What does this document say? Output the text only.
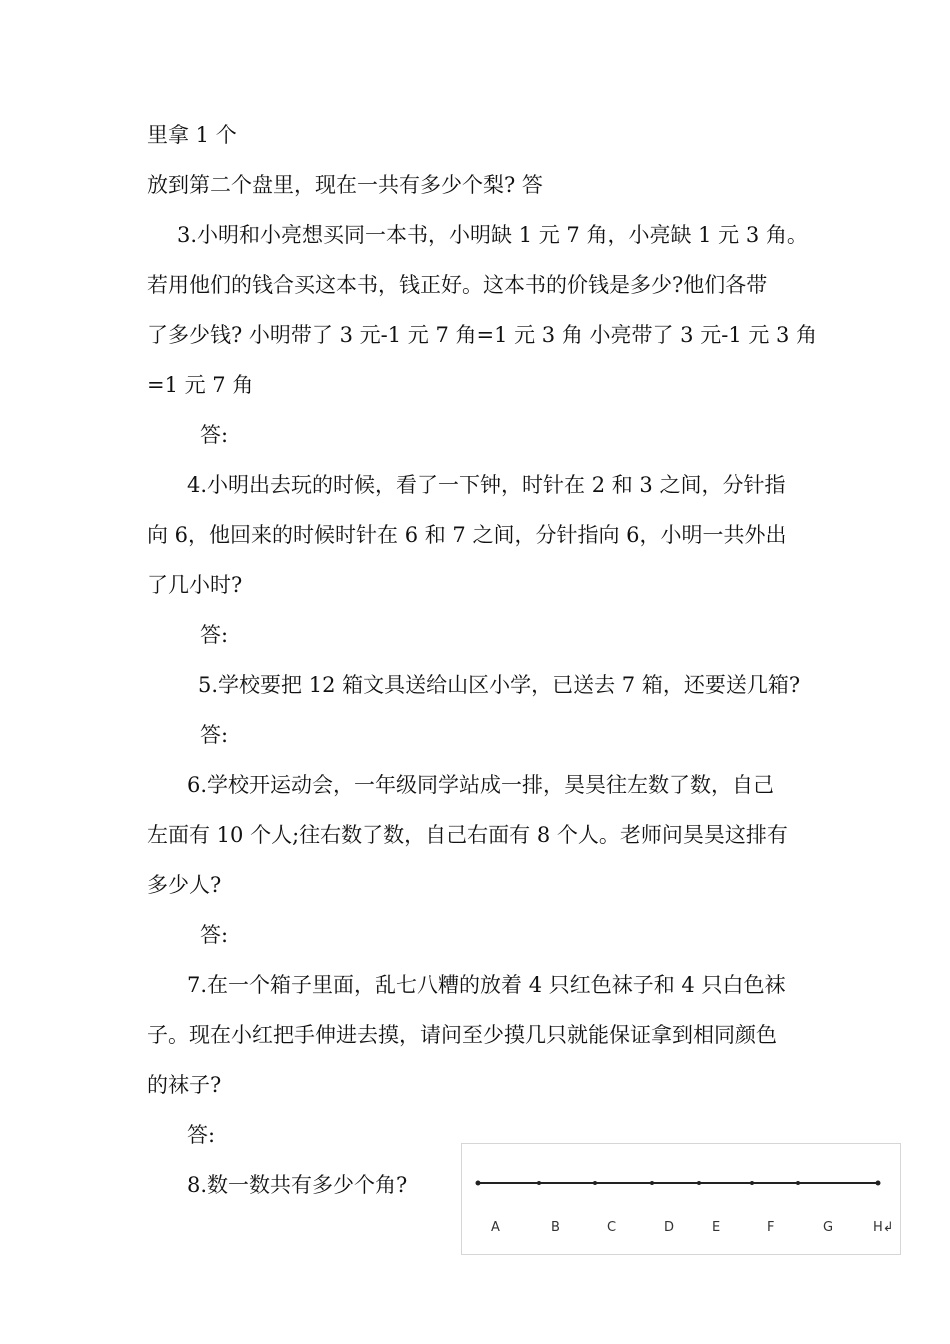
里拿 1 个
放到第二个盘里，现在一共有多少个梨? 答
3.小明和小亮想买同一本书，小明缺 1 元 7 角，小亮缺 1 元 3 角。
若用他们的钱合买这本书，钱正好。这本书的价钱是多少?他们各带
了多少钱? 小明带了 3 元-1 元 7 角=1 元 3 角 小亮带了 3 元-1 元 3 角
=1 元 7 角
答:
4.小明出去玩的时候，看了一下钟，时针在 2 和 3 之间，分针指
向 6，他回来的时候时针在 6 和 7 之间，分针指向 6，小明一共外出
了几小时?
答:
5.学校要把 12 箱文具送给山区小学，已送去 7 箱，还要送几箱?
答:
6.学校开运动会，一年级同学站成一排，昊昊往左数了数，自己
左面有 10 个人;往右数了数，自己右面有 8 个人。老师问昊昊这排有
多少人?
答:
7.在一个箱子里面，乱七八糟的放着 4 只红色袜子和 4 只白色袜
子。现在小红把手伸进去摸，请问至少摸几只就能保证拿到相同颜色
的袜子?
答:
8.数一数共有多少个角?
A	B	C	D	E	F	G	H↲
